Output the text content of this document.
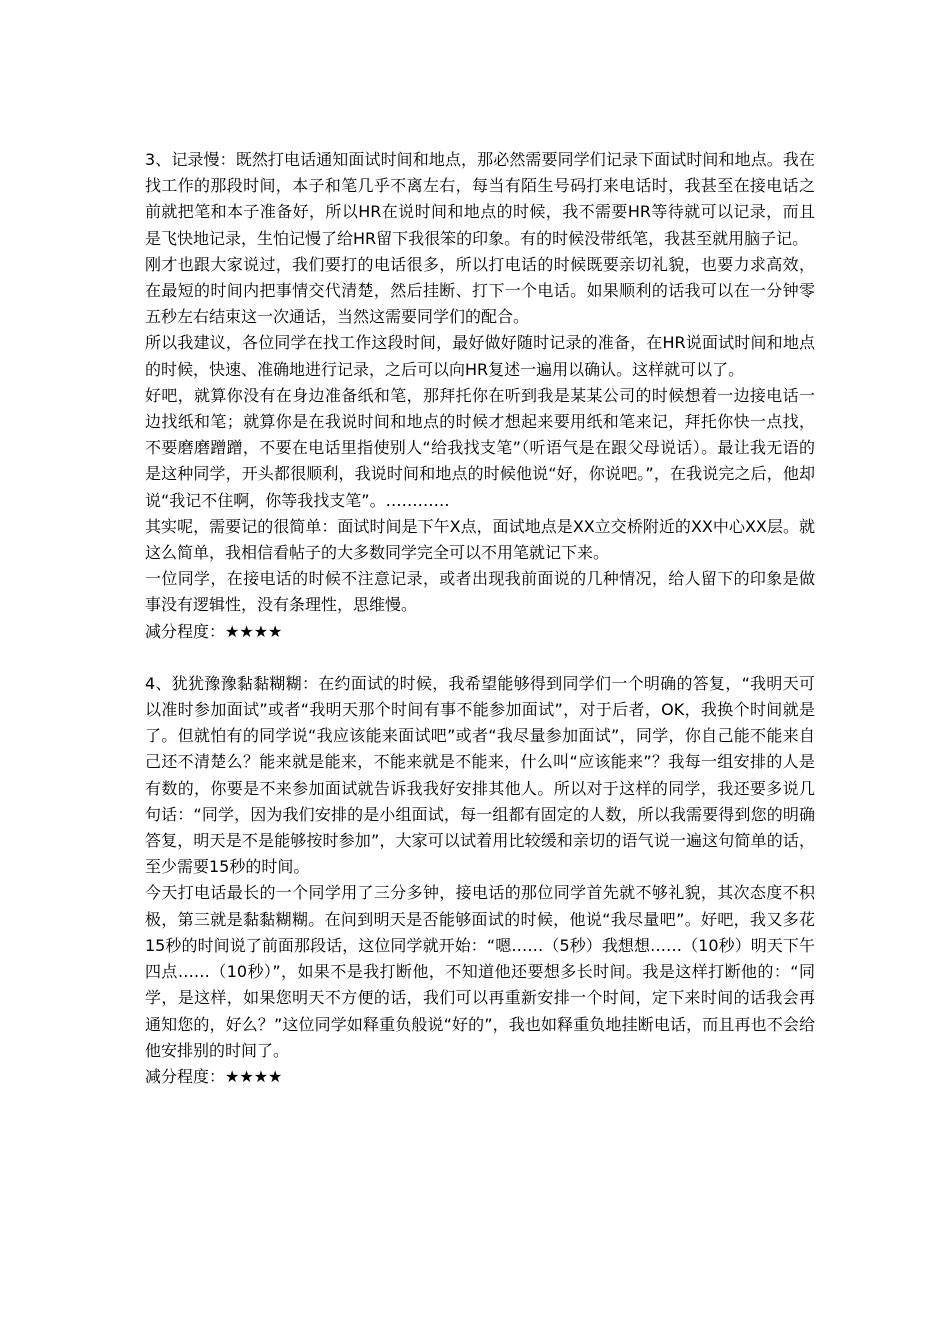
3、记录慢：既然打电话通知面试时间和地点，那必然需要同学们记录下面试时间和地点。我在找工作的那段时间，本子和笔几乎不离左右，每当有陌生号码打来电话时，我甚至在接电话之前就把笔和本子准备好，所以HR在说时间和地点的时候，我不需要HR等待就可以记录，而且是飞快地记录，生怕记慢了给HR留下我很笨的印象。有的时候没带纸笔，我甚至就用脑子记。

刚才也跟大家说过，我们要打的电话很多，所以打电话的时候既要亲切礼貌，也要力求高效，在最短的时间内把事情交代清楚，然后挂断、打下一个电话。如果顺利的话我可以在一分钟零五秒左右结束这一次通话，当然这需要同学们的配合。

所以我建议，各位同学在找工作这段时间，最好做好随时记录的准备，在HR说面试时间和地点的时候，快速、准确地进行记录，之后可以向HR复述一遍用以确认。这样就可以了。

好吧，就算你没有在身边准备纸和笔，那拜托你在听到我是某某公司的时候想着一边接电话一边找纸和笔；就算你是在我说时间和地点的时候才想起来要用纸和笔来记，拜托你快一点找，不要磨磨蹭蹭，不要在电话里指使别人“给我找支笔”（听语气是在跟父母说话）。最让我无语的是这种同学，开头都很顺利，我说时间和地点的时候他说“好，你说吧。”，在我说完之后，他却说“我记不住啊，你等我找支笔”。…………

其实呢，需要记的很简单：面试时间是下午X点，面试地点是XX立交桥附近的XX中心XX层。就这么简单，我相信看帖子的大多数同学完全可以不用笔就记下来。

一位同学，在接电话的时候不注意记录，或者出现我前面说的几种情况，给人留下的印象是做事没有逻辑性，没有条理性，思维慢。

减分程度：★★★★

4、犹犹豫豫黏黏糊糊：在约面试的时候，我希望能够得到同学们一个明确的答复，“我明天可以准时参加面试”或者“我明天那个时间有事不能参加面试”，对于后者，OK，我换个时间就是了。但就怕有的同学说“我应该能来面试吧”或者“我尽量参加面试”，同学，你自己能不能来自己还不清楚么？能来就是能来，不能来就是不能来，什么叫“应该能来”？我每一组安排的人是有数的，你要是不来参加面试就告诉我我好安排其他人。所以对于这样的同学，我还要多说几句话：“同学，因为我们安排的是小组面试，每一组都有固定的人数，所以我需要得到您的明确答复，明天是不是能够按时参加”，大家可以试着用比较缓和亲切的语气说一遍这句简单的话，至少需要15秒的时间。

今天打电话最长的一个同学用了三分多钟，接电话的那位同学首先就不够礼貌，其次态度不积极，第三就是黏黏糊糊。在问到明天是否能够面试的时候，他说“我尽量吧”。好吧，我又多花15秒的时间说了前面那段话，这位同学就开始：“嗯……（5秒）我想想……（10秒）明天下午四点……（10秒）”，如果不是我打断他，不知道他还要想多长时间。我是这样打断他的：“同学，是这样，如果您明天不方便的话，我们可以再重新安排一个时间，定下来时间的话我会再通知您的，好么？”这位同学如释重负般说“好的”，我也如释重负地挂断电话，而且再也不会给他安排别的时间了。

减分程度：★★★★
